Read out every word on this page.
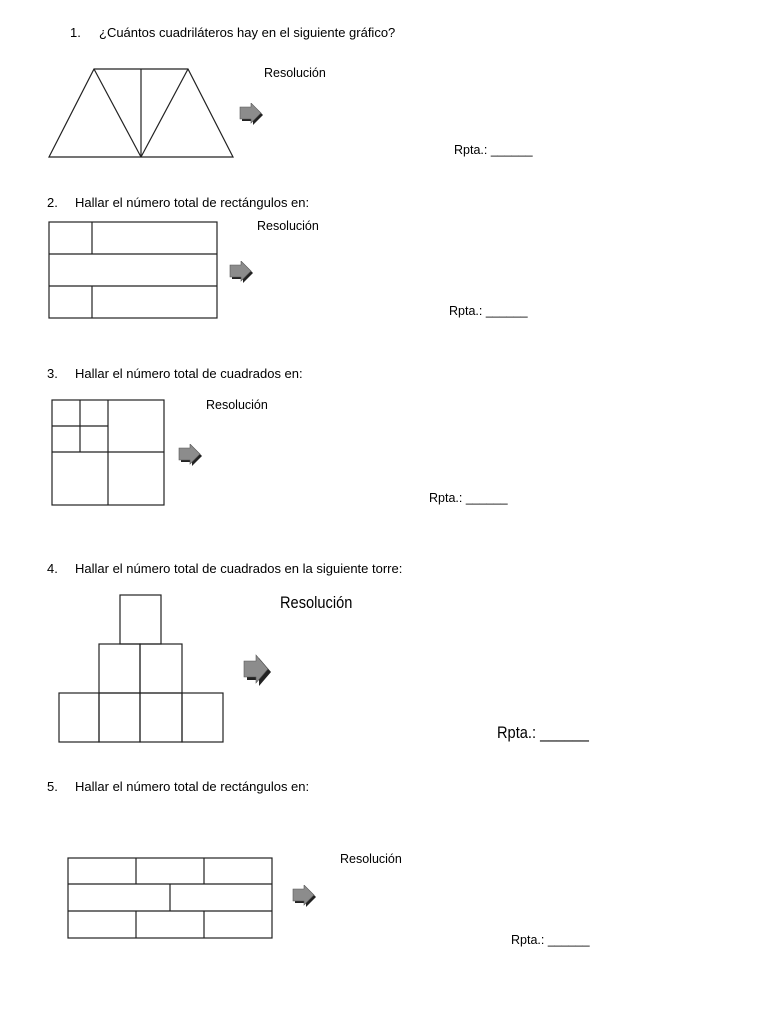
1. ¿Cuántos cuadriláteros hay en el siguiente gráfico?
Resolución
Rpta.: ______
2. Hallar el número total de rectángulos en:
Resolución
Rpta.: ______
3. Hallar el número total de cuadrados en:
Resolución
Rpta.: ______
4. Hallar el número total de cuadrados en la siguiente torre:
Resolución
Rpta.: ______
5. Hallar el número total de rectángulos en:
Resolución
Rpta.: ______
